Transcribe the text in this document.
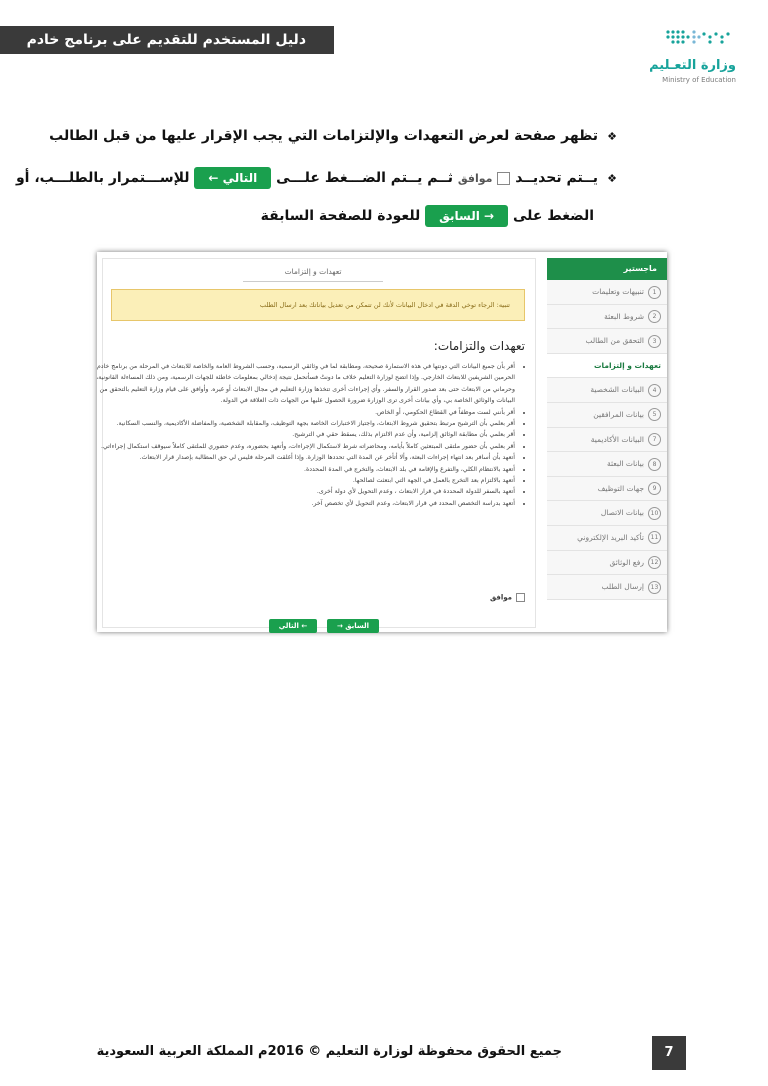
دليل المستخدم للتقديم على برنامج خادم الحرمين الشريفين	وزارة التعـليم
Ministry of Education
❖تظهر صفحة لعرض التعهدات والإلتزامات التي يجب الإقرار عليها من قبل الطالب
❖يــتم تحديــد  موافق ثــم يــتم الضـــغط علـــى التالي ← للإســـتمرار بالطلـــب، أو
الضغط على → السابق للعودة للصفحة السابقة
ماجستير
1تنبيهات وتعليمات
2شروط البعثة
3التحقق من الطالب
تعهدات و إلتزامات
4البيانات الشخصية
5بيانات المرافقين
7البيانات الأكاديمية
8بيانات البعثة
9جهات التوظيف
10بيانات الاتصال
11تأكيد البريد الإلكتروني
12رفع الوثائق
13إرسال الطلب
تعهدات و إلتزامات
تنبيه: الرجاء توخي الدقة في ادخال البيانات لأنك لن تتمكن من تعديل بياناتك بعد ارسال الطلب
تعهدات والتزامات:
• أقر بأن جميع البيانات التي دونتها في هذه الاستمارة صحيحة، ومطابقة لما في وثائقي الرسمية، وحسب الشروط العامة والخاصة للابتعاث في المرحلة من برنامج خادم الحرمين الشريفين للابتعاث الخارجي. وإذا اتضح لوزارة التعليم خلاف ما دونتُ فسأتحمل نتيجة إدخالي بمعلومات خاطئة للجهات الرسمية، ومن ذلك المساءلة القانونية، وحرماني من الابتعاث حتى بعد صدور القرار والسفر. وأي إجراءات أخرى تتخذها وزارة التعليم في مجال الابتعاث أو غيره. وأوافق على قيام وزارة التعليم بالتحقق من البيانات والوثائق الخاصة بي، وأي بيانات أخرى ترى الوزارة ضرورة الحصول عليها من الجهات ذات العلاقة في الدولة.
• أقر بأنني لست موظفاً في القطاع الحكومي، أو الخاص.
• أقر بعلمي بأن الترشيح مرتبط بتحقيق شروط الابتعاث، واجتياز الاختبارات الخاصة بجهة التوظيف، والمقابلة الشخصية، والمفاضلة الأكاديمية، والنسب السكانية.
• أقر بعلمي بأن مطابقة الوثائق إلزامية، وأن عدم الالتزام بذلك، يسقط حقي في الترشيح.
• أقر بعلمي بأن حضور ملتقى المبتعثين كاملاً بأيامه، ومحاضراته شرط لاستكمال الإجراءات، وأتعهد بحضوره، وعدم حضوري للملتقى كاملاً سيوقف استكمال إجراءاتي.
• أتعهد بأن أسافر بعد انتهاء إجراءات البعثة، وألا أتأخر عن المدة التي تحددها الوزارة. وإذا أغلقت المرحلة فليس لي حق المطالبة بإصدار قرار الابتعاث.
• أتعهد بالانتظام الكلي، والتفرغ والإقامة في بلد الابتعاث، والتخرج في المدة المحددة.
• أتعهد بالالتزام بعد التخرج بالعمل في الجهة التي ابتعثت لصالحها.
• أتعهد بالسفر للدولة المحددة في قرار الابتعاث ، وعدم التحويل لأي دولة أخرى.
• أتعهد بدراسة التخصص المحدد في قرار الابتعاث، وعدم التحويل لأي تخصص آخر.
موافق
→ السابق
التالي ←
جميع الحقوق محفوظة لوزارة التعليم © 2016م المملكة العربية السعودية	7
